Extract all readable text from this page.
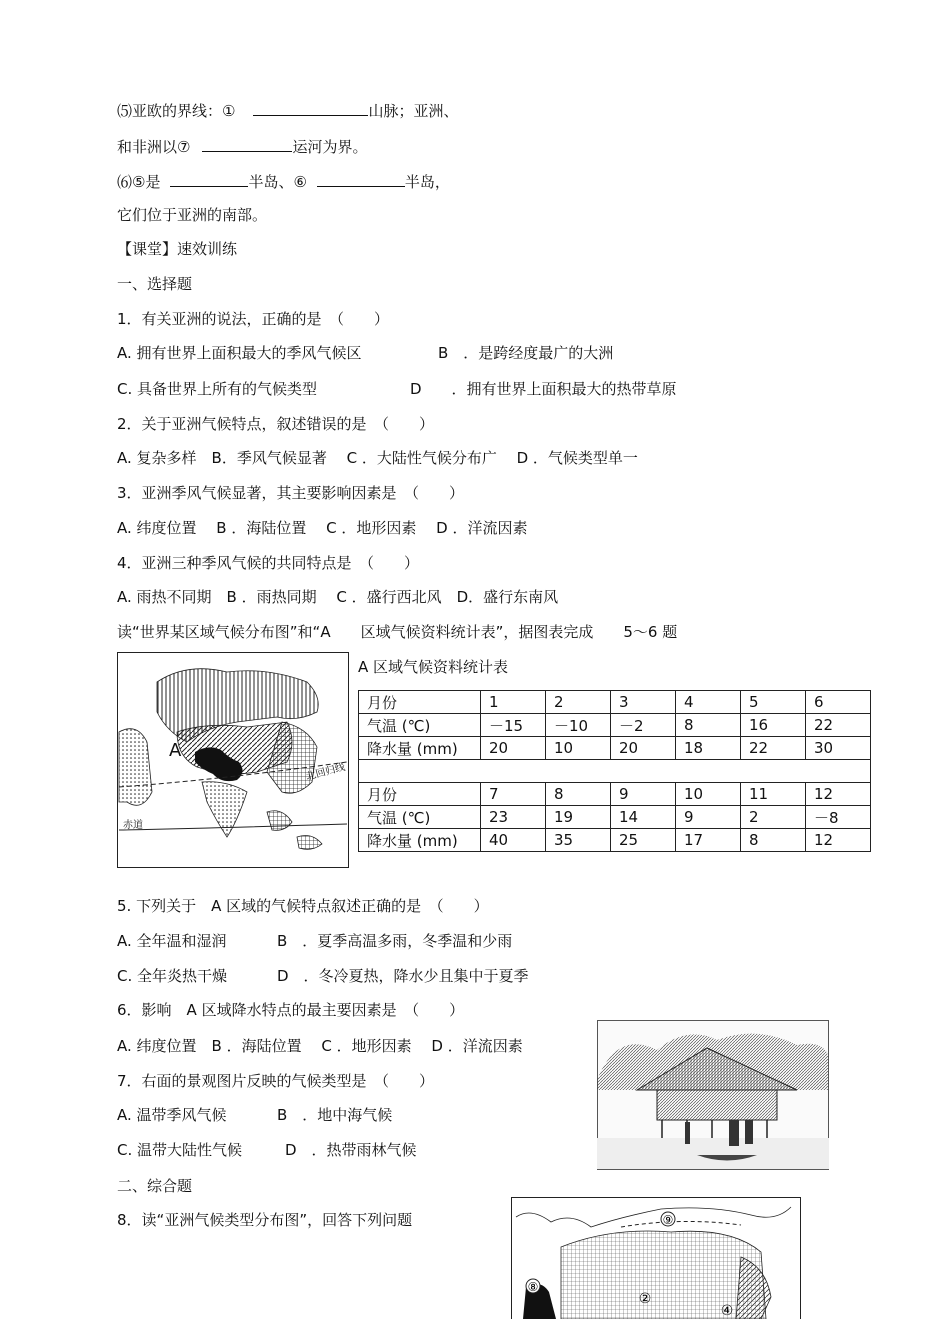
⑸亚欧的界线：①	山脉；亚洲、
和非洲以⑦	运河为界。
⑹⑤是	半岛、⑥	半岛，
它们位于亚洲的南部。
【课堂】速效训练
一、选择题
1．有关亚洲的说法，正确的是　（　　）
A. 拥有世界上面积最大的季风气候区	B　．是跨经度最广的大洲
C. 具备世界上所有的气候类型	D　　．拥有世界上面积最大的热带草原
2．关于亚洲气候特点，叙述错误的是　（　　）
A. 复杂多样　B．季风气候显著　 C ．大陆性气候分布广　 D ．气候类型单一
3．亚洲季风气候显著，其主要影响因素是　（　　）
A. 纬度位置　 B ．海陆位置　 C ．地形因素　 D ．洋流因素
4．亚洲三种季风气候的共同特点是　（　　）
A. 雨热不同期　B ．雨热同期　 C ．盛行西北风　D．盛行东南风
读“世界某区域气候分布图”和“A　　区域气候资料统计表”，据图表完成　　5～6 题
A
北回归线
赤道
A 区域气候资料统计表
月份	1	2	3	4	5	6
气温 (℃)	－15	－10	－2	8	16	22
降水量 (mm)	20	10	20	18	22	30

月份	7	8	9	10	11	12
气温 (℃)	23	19	14	9	2	－8
降水量 (mm)	40	35	25	17	8	12
5. 下列关于　A 区域的气候特点叙述正确的是　（　　）
A. 全年温和湿润	B　．夏季高温多雨，冬季温和少雨
C. 全年炎热干燥	D　．冬冷夏热，降水少且集中于夏季
6．影响　A 区域降水特点的最主要因素是　（　　）
A. 纬度位置　B ．海陆位置　 C ．地形因素　 D ．洋流因素
7．右面的景观图片反映的气候类型是　（　　）
A. 温带季风气候	B　．地中海气候
C. 温带大陆性气候	D　．热带雨林气候
二、综合题
8．读“亚洲气候类型分布图”，回答下列问题	⑨
⑧
②
④
